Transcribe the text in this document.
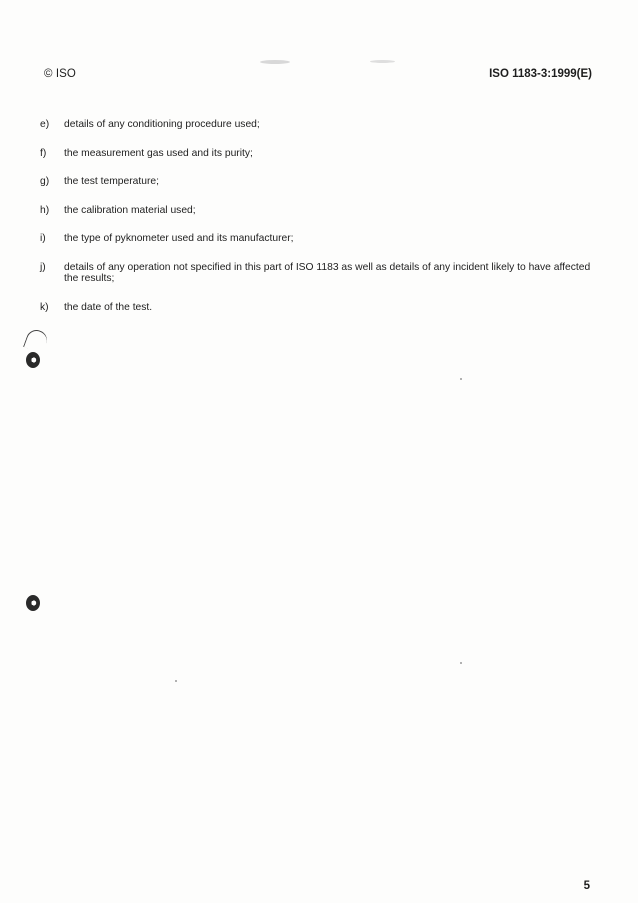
© ISO	ISO 1183-3:1999(E)
e)	details of any conditioning procedure used;
f)	the measurement gas used and its purity;
g)	the test temperature;
h)	the calibration material used;
i)	the type of pyknometer used and its manufacturer;
j)	details of any operation not specified in this part of ISO 1183 as well as details of any incident likely to have affected the results;
k)	the date of the test.
5
